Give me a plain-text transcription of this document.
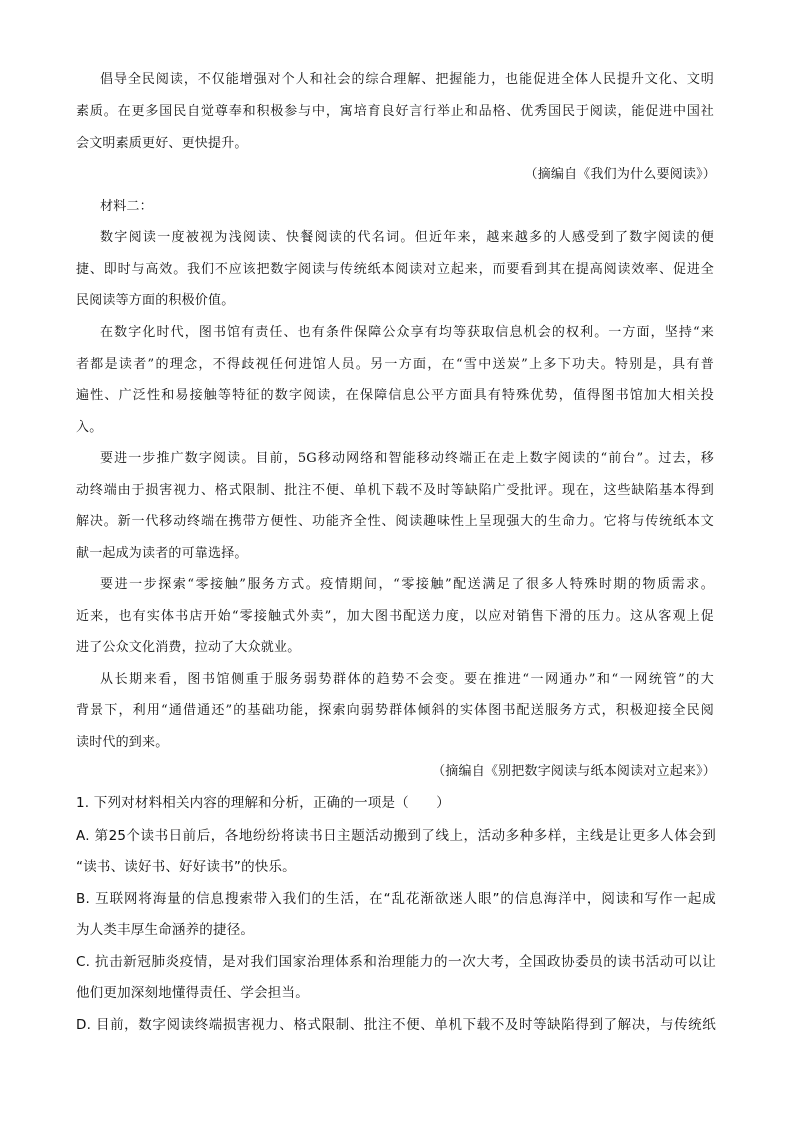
倡导全民阅读，不仅能增强对个人和社会的综合理解、把握能力，也能促进全体人民提升文化、文明
素质。在更多国民自觉尊奉和积极参与中，寓培育良好言行举止和品格、优秀国民于阅读，能促进中国社
会文明素质更好、更快提升。
（摘编自《我们为什么要阅读》）
材料二：
数字阅读一度被视为浅阅读、快餐阅读的代名词。但近年来，越来越多的人感受到了数字阅读的便
捷、即时与高效。我们不应该把数字阅读与传统纸本阅读对立起来，而要看到其在提高阅读效率、促进全
民阅读等方面的积极价值。
在数字化时代，图书馆有责任、也有条件保障公众享有均等获取信息机会的权利。一方面，坚持“来
者都是读者”的理念，不得歧视任何进馆人员。另一方面，在“雪中送炭”上多下功夫。特别是，具有普
遍性、广泛性和易接触等特征的数字阅读，在保障信息公平方面具有特殊优势，值得图书馆加大相关投
入。
要进一步推广数字阅读。目前，5G移动网络和智能移动终端正在走上数字阅读的“前台”。过去，移
动终端由于损害视力、格式限制、批注不便、单机下载不及时等缺陷广受批评。现在，这些缺陷基本得到
解决。新一代移动终端在携带方便性、功能齐全性、阅读趣味性上呈现强大的生命力。它将与传统纸本文
献一起成为读者的可靠选择。
要进一步探索“零接触”服务方式。疫情期间，“零接触”配送满足了很多人特殊时期的物质需求。
近来，也有实体书店开始“零接触式外卖”，加大图书配送力度，以应对销售下滑的压力。这从客观上促
进了公众文化消费，拉动了大众就业。
从长期来看，图书馆侧重于服务弱势群体的趋势不会变。要在推进“一网通办”和“一网统管”的大
背景下，利用“通借通还”的基础功能，探索向弱势群体倾斜的实体图书配送服务方式，积极迎接全民阅
读时代的到来。
（摘编自《别把数字阅读与纸本阅读对立起来》）
1. 下列对材料相关内容的理解和分析，正确的一项是（　　）
A. 第25个读书日前后，各地纷纷将读书日主题活动搬到了线上，活动多种多样，主线是让更多人体会到
“读书、读好书、好好读书”的快乐。
B. 互联网将海量的信息搜索带入我们的生活，在“乱花渐欲迷人眼”的信息海洋中，阅读和写作一起成
为人类丰厚生命涵养的捷径。
C. 抗击新冠肺炎疫情，是对我们国家治理体系和治理能力的一次大考，全国政协委员的读书活动可以让
他们更加深刻地懂得责任、学会担当。
D. 目前，数字阅读终端损害视力、格式限制、批注不便、单机下载不及时等缺陷得到了解决，与传统纸
